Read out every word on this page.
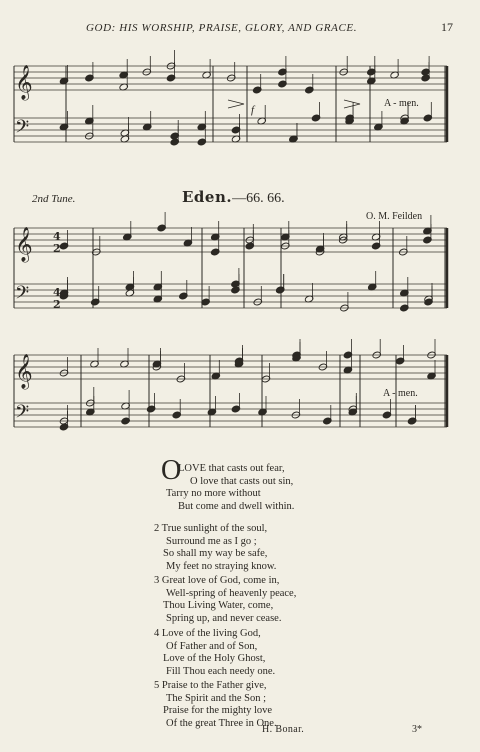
GOD: HIS WORSHIP, PRAISE, GLORY, AND GRACE.	17
𝄞
𝄢
𝄞
𝄢
𝄞
𝄢
4
2
4
2
f
A - men.
2nd Tune.	Eden.—66. 66.
O. M. Feilden
A - men.
O
LOVE that casts out fear,
O love that casts out sin,
Tarry no more without
But come and dwell within.
2 True sunlight of the soul,
Surround me as I go ;
So shall my way be safe,
My feet no straying know.
3 Great love of God, come in,
Well-spring of heavenly peace,
Thou Living Water, come,
Spring up, and never cease.
4 Love of the living God,
Of Father and of Son,
Love of the Holy Ghost,
Fill Thou each needy one.
5 Praise to the Father give,
The Spirit and the Son ;
Praise for the mighty love
Of the great Three in One.
H. Bonar.	3*
